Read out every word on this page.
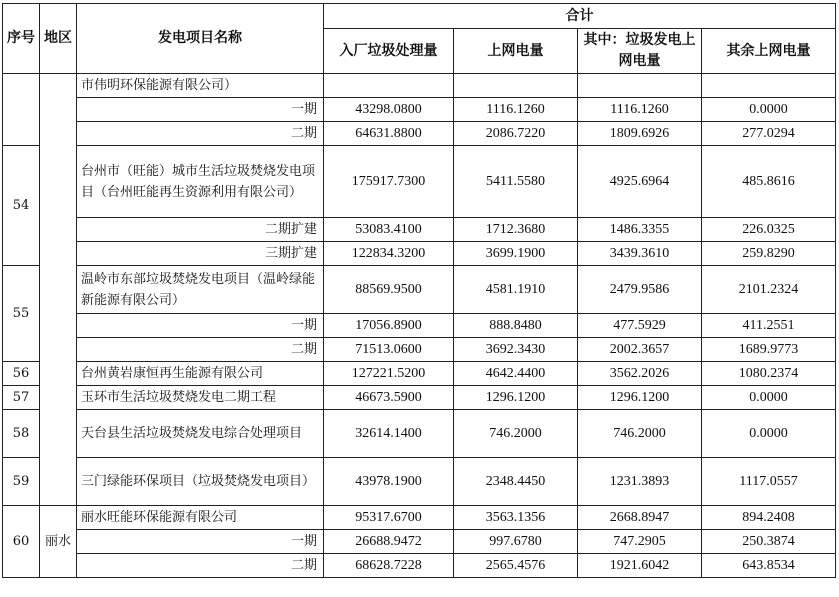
序号	地区	发电项目名称	合计			
			入厂垃圾处理量	上网电量	其中：垃圾发电上网电量	其余上网电量
		市伟明环保能源有限公司）				
		一期	43298.0800	1116.1260	1116.1260	0.0000
		二期	64631.8800	2086.7220	1809.6926	277.0294
54		台州市（旺能）城市生活垃圾焚烧发电项目（台州旺能再生资源利用有限公司）	175917.7300	5411.5580	4925.6964	485.8616
		二期扩建	53083.4100	1712.3680	1486.3355	226.0325
		三期扩建	122834.3200	3699.1900	3439.3610	259.8290
55		温岭市东部垃圾焚烧发电项目（温岭绿能新能源有限公司）	88569.9500	4581.1910	2479.9586	2101.2324
		一期	17056.8900	888.8480	477.5929	411.2551
		二期	71513.0600	3692.3430	2002.3657	1689.9773
56		台州黄岩康恒再生能源有限公司	127221.5200	4642.4400	3562.2026	1080.2374
57		玉环市生活垃圾焚烧发电二期工程	46673.5900	1296.1200	1296.1200	0.0000
58		天台县生活垃圾焚烧发电综合处理项目	32614.1400	746.2000	746.2000	0.0000
59		三门绿能环保项目（垃圾焚烧发电项目）	43978.1900	2348.4450	1231.3893	1117.0557
60	丽水	丽水旺能环保能源有限公司	95317.6700	3563.1356	2668.8947	894.2408
		一期	26688.9472	997.6780	747.2905	250.3874
		二期	68628.7228	2565.4576	1921.6042	643.8534
